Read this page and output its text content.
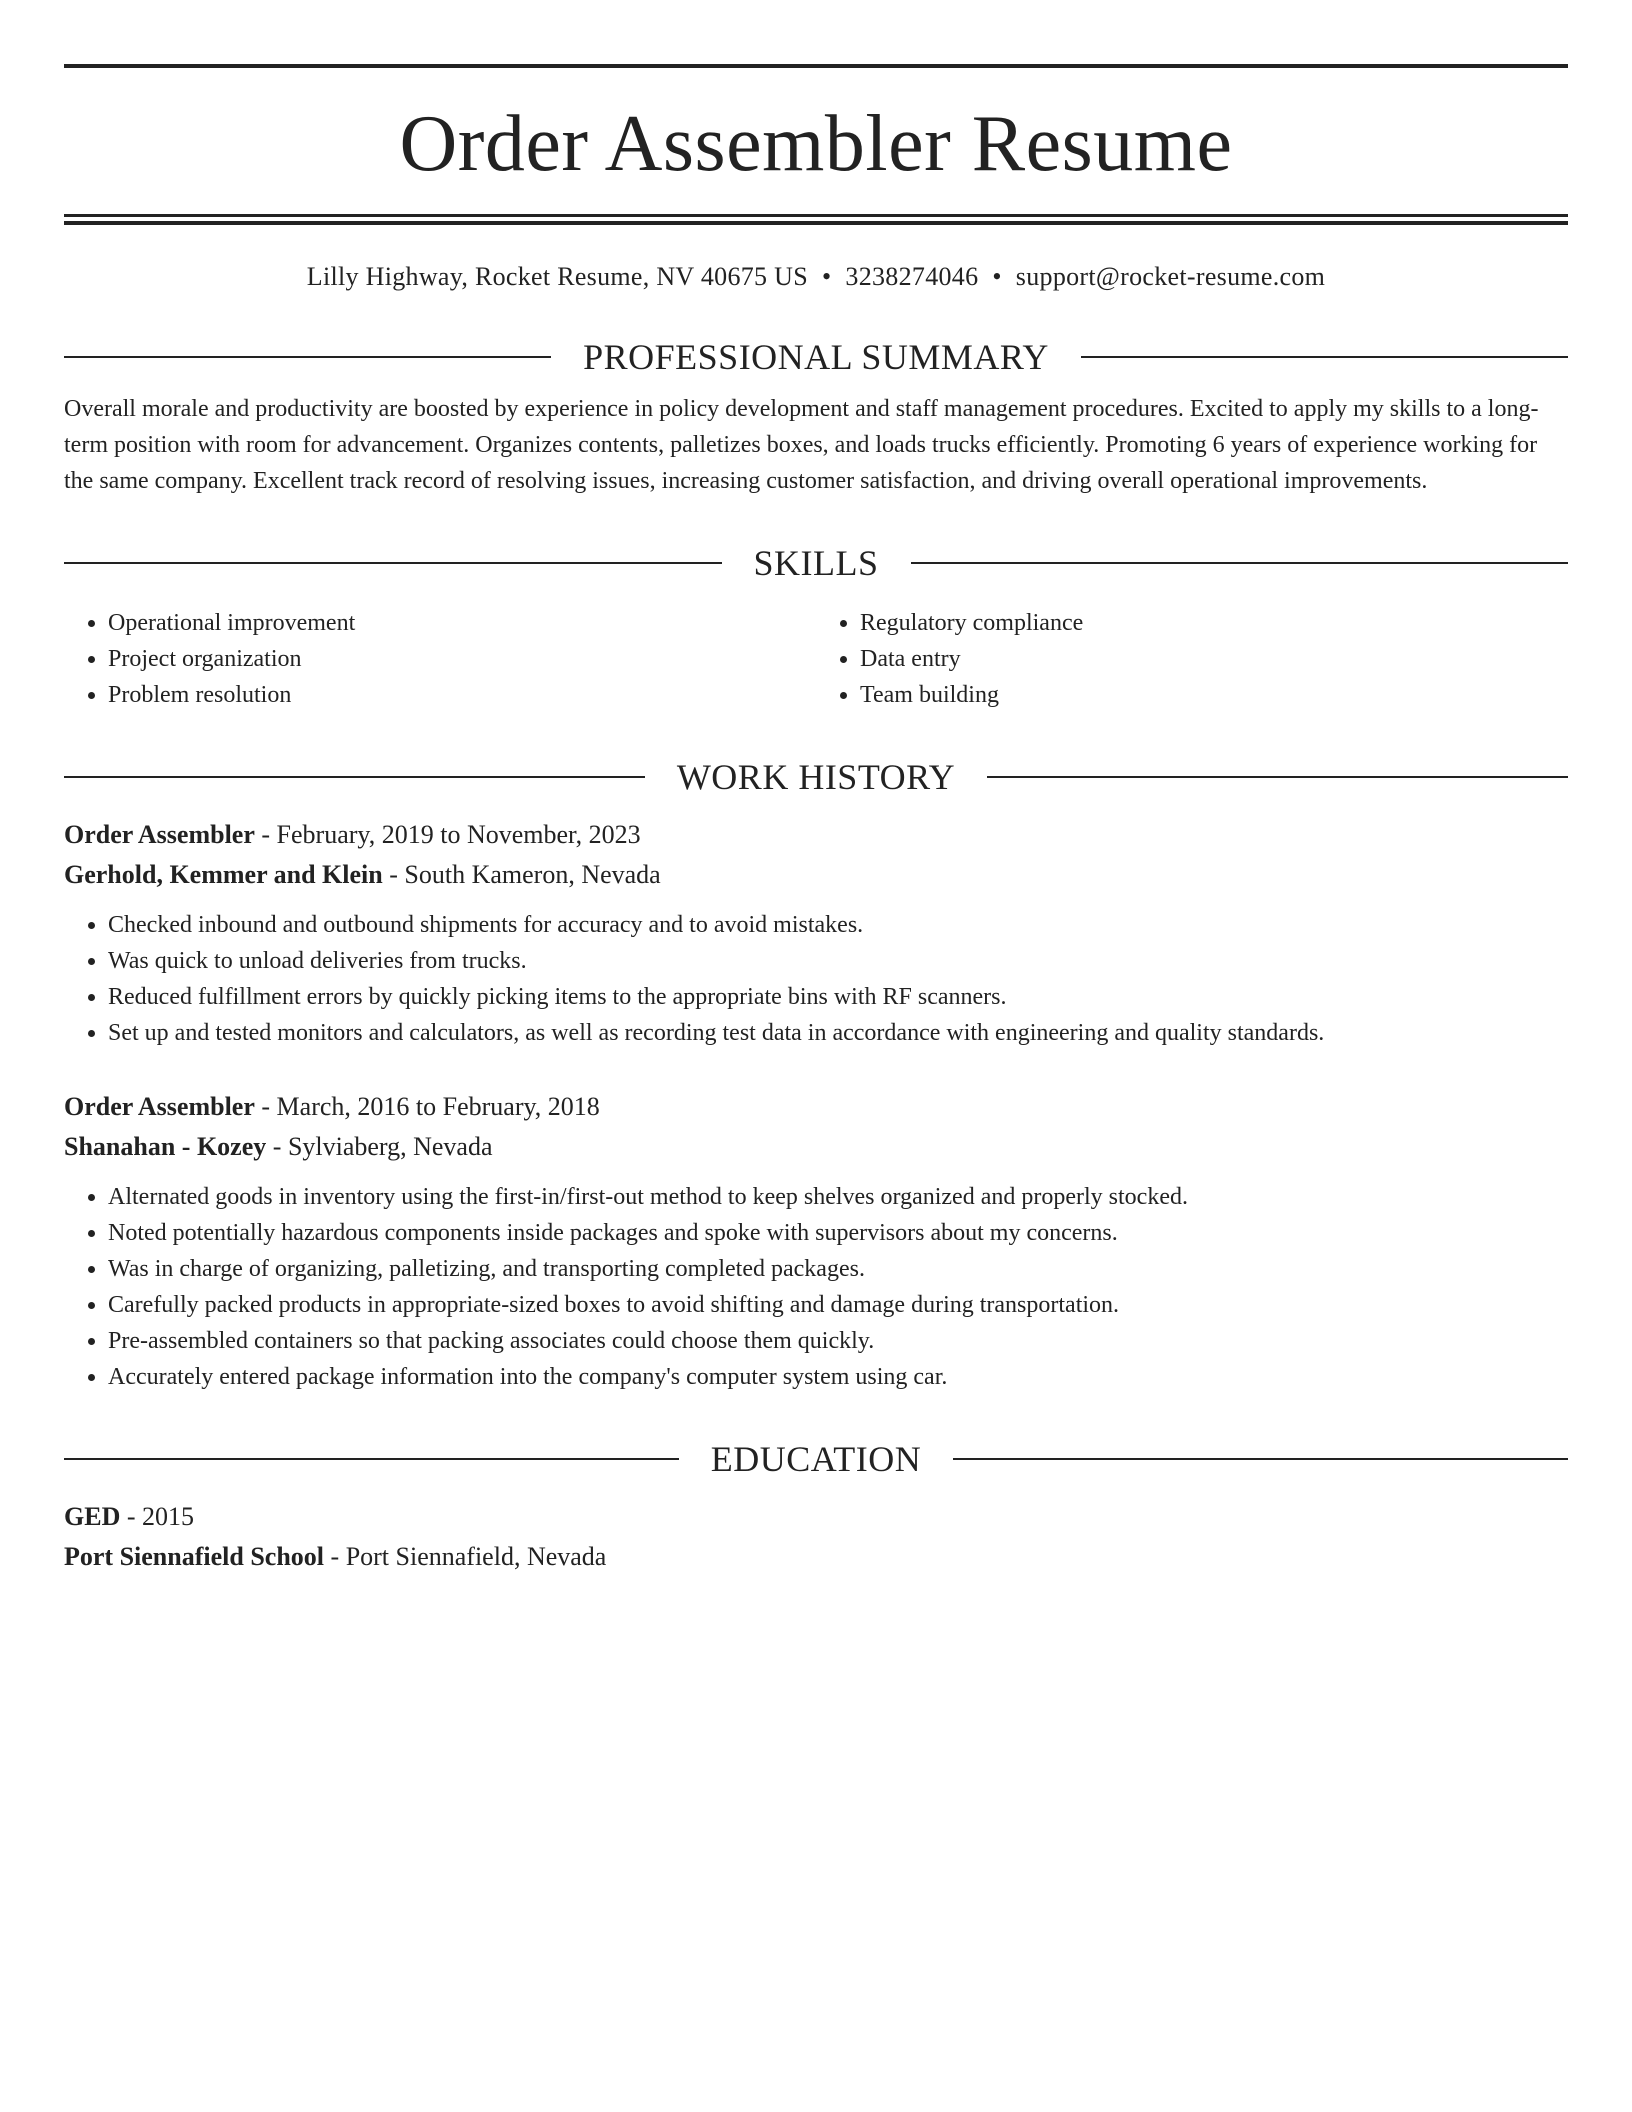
Order Assembler Resume
Lilly Highway, Rocket Resume, NV 40675 US • 3238274046 • support@rocket-resume.com
PROFESSIONAL SUMMARY
Overall morale and productivity are boosted by experience in policy development and staff management procedures. Excited to apply my skills to a long-term position with room for advancement. Organizes contents, palletizes boxes, and loads trucks efficiently. Promoting 6 years of experience working for the same company. Excellent track record of resolving issues, increasing customer satisfaction, and driving overall operational improvements.
SKILLS
• Operational improvement
• Project organization
• Problem resolution
• Regulatory compliance
• Data entry
• Team building
WORK HISTORY
Order Assembler - February, 2019 to November, 2023
Gerhold, Kemmer and Klein - South Kameron, Nevada
• Checked inbound and outbound shipments for accuracy and to avoid mistakes.
• Was quick to unload deliveries from trucks.
• Reduced fulfillment errors by quickly picking items to the appropriate bins with RF scanners.
• Set up and tested monitors and calculators, as well as recording test data in accordance with engineering and quality standards.
Order Assembler - March, 2016 to February, 2018
Shanahan - Kozey - Sylviaberg, Nevada
• Alternated goods in inventory using the first-in/first-out method to keep shelves organized and properly stocked.
• Noted potentially hazardous components inside packages and spoke with supervisors about my concerns.
• Was in charge of organizing, palletizing, and transporting completed packages.
• Carefully packed products in appropriate-sized boxes to avoid shifting and damage during transportation.
• Pre-assembled containers so that packing associates could choose them quickly.
• Accurately entered package information into the company's computer system using car.
EDUCATION
GED - 2015
Port Siennafield School - Port Siennafield, Nevada
